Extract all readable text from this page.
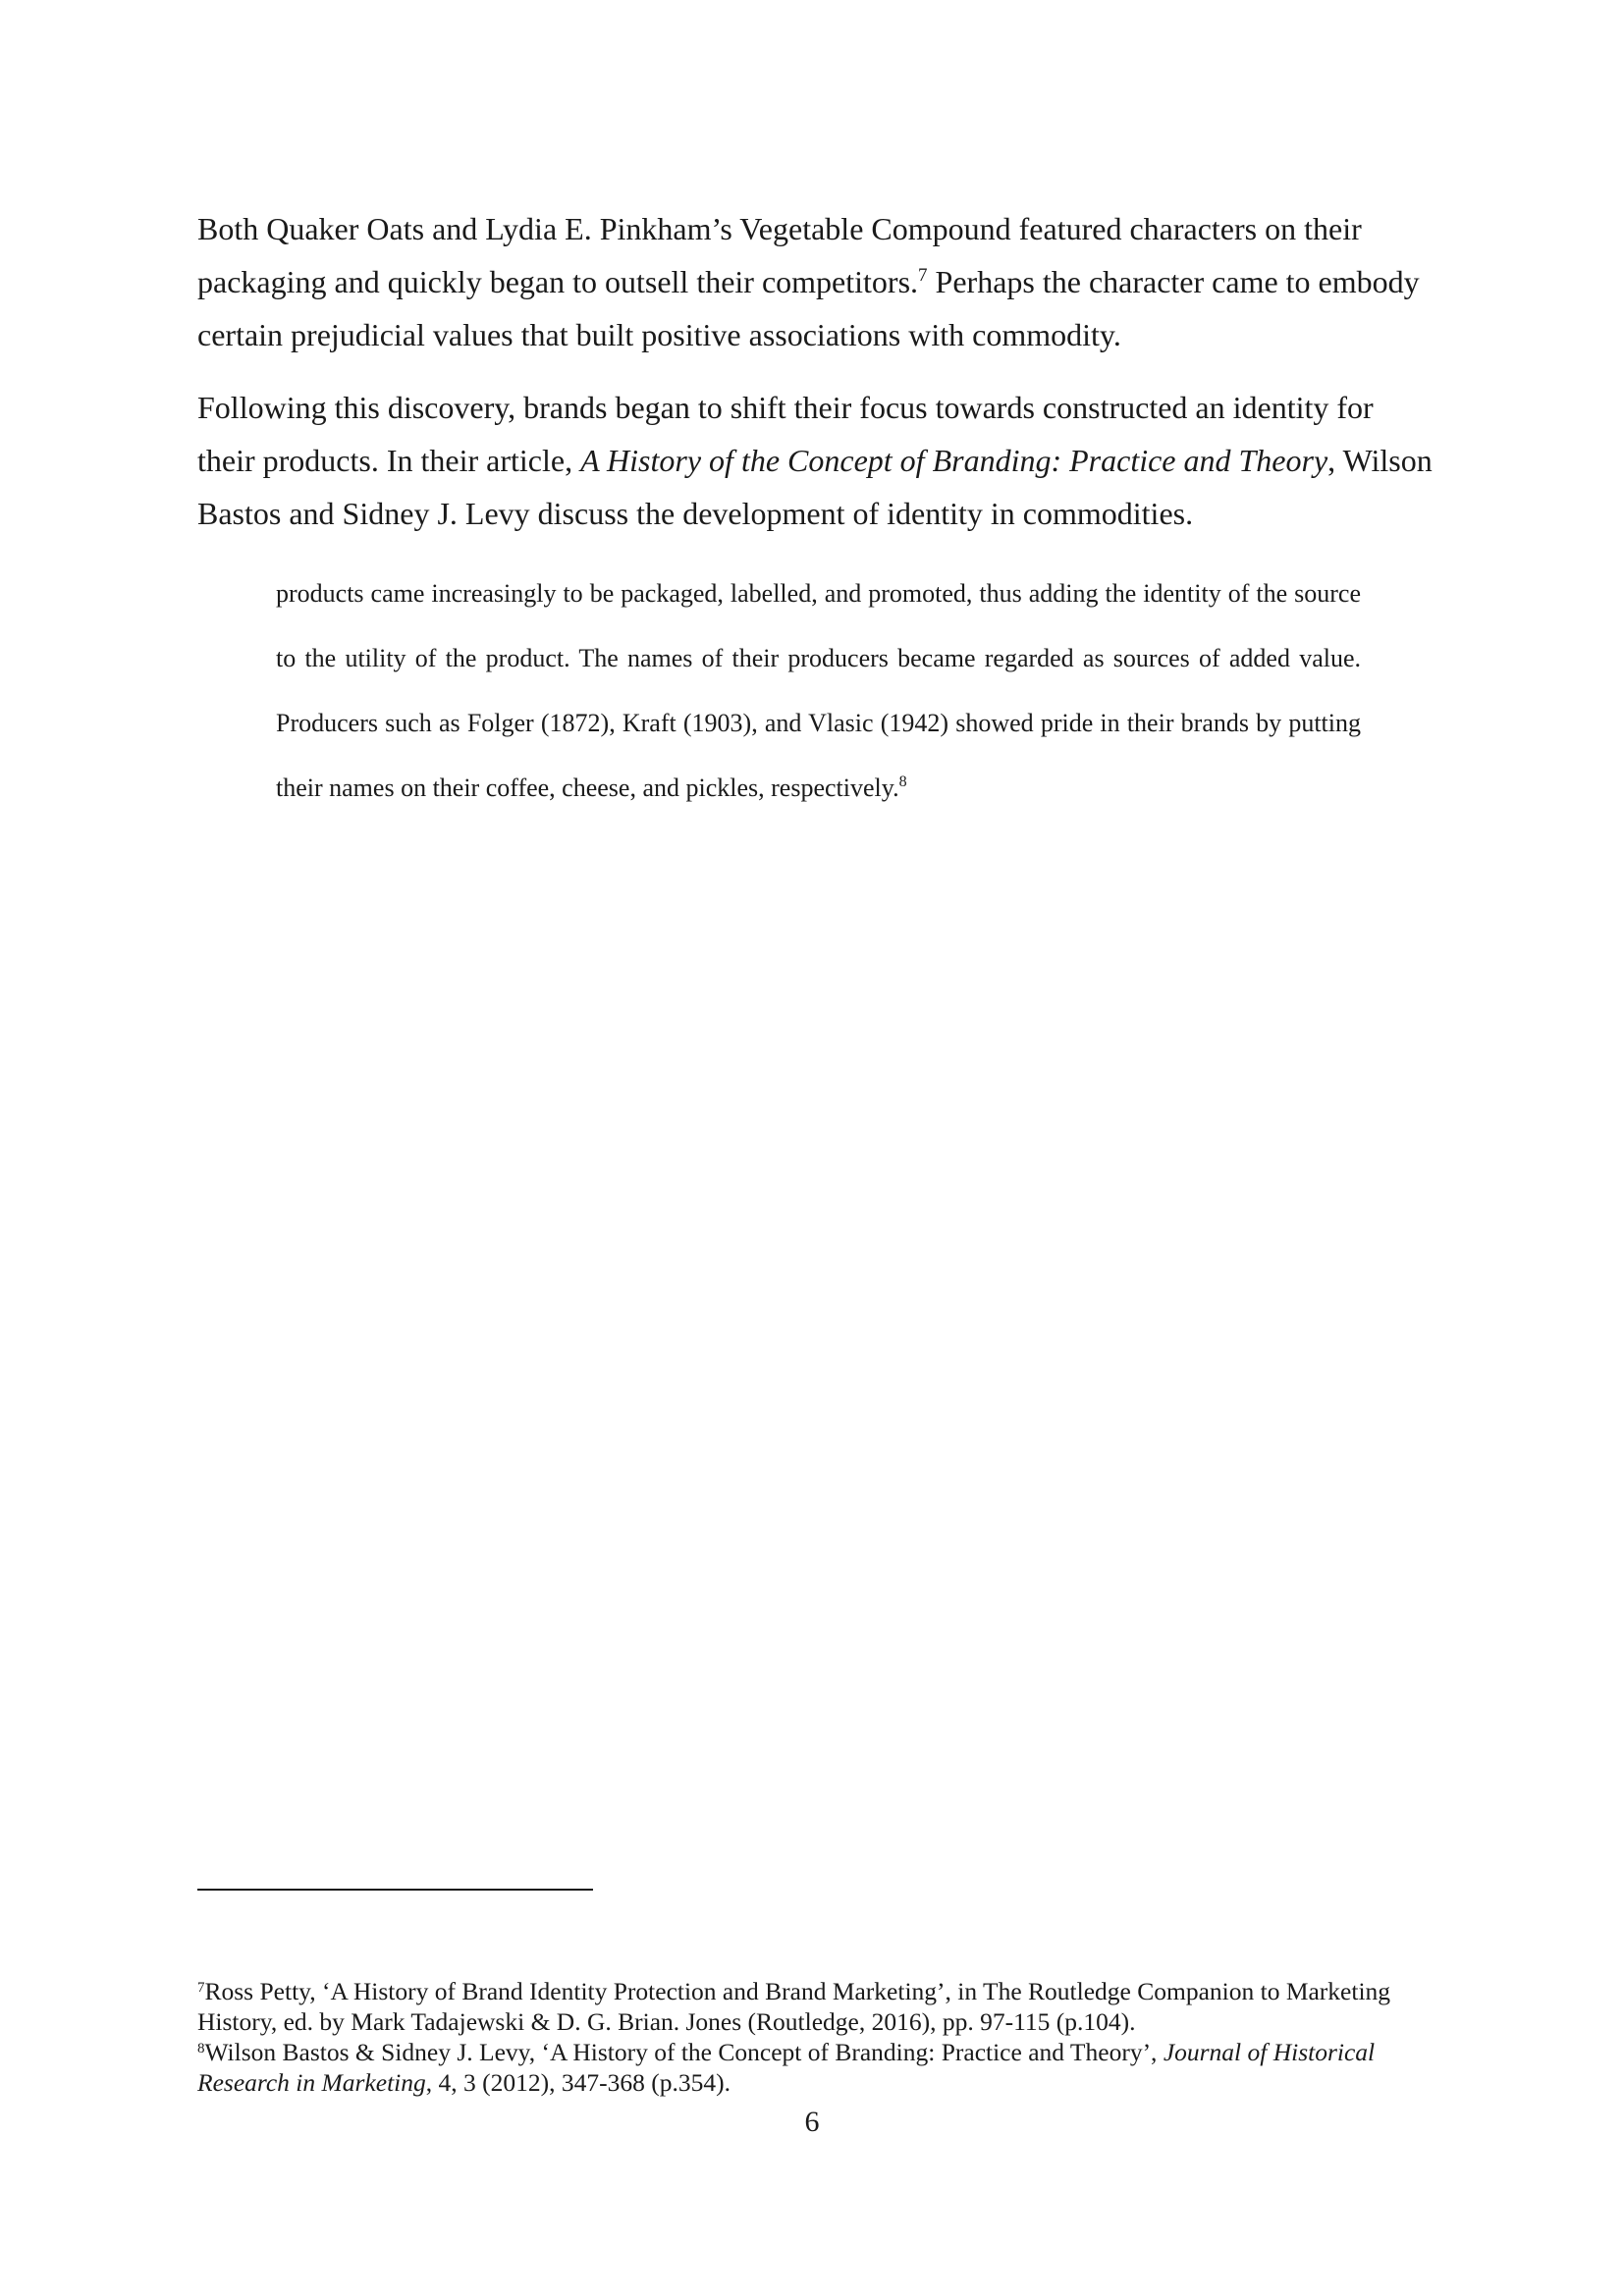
Both Quaker Oats and Lydia E. Pinkham’s Vegetable Compound featured characters on their packaging and quickly began to outsell their competitors.$^7$ Perhaps the character came to embody certain prejudicial values that built positive associations with commodity.

Following this discovery, brands began to shift their focus towards constructed an identity for their products. In their article, A History of the Concept of Branding: Practice and Theory, Wilson Bastos and Sidney J. Levy discuss the development of identity in commodities.

products came increasingly to be packaged, labelled, and promoted, thus adding the identity of the source to the utility of the product. The names of their producers became regarded as sources of added value. Producers such as Folger (1872), Kraft (1903), and Vlasic (1942) showed pride in their brands by putting their names on their coffee, cheese, and pickles, respectively.$^8$

$^7$Ross Petty, ‘A History of Brand Identity Protection and Brand Marketing’, in The Routledge Companion to Marketing History, ed. by Mark Tadajewski & D. G. Brian. Jones (Routledge, 2016), pp. 97-115 (p.104).

$^8$Wilson Bastos & Sidney J. Levy, ‘A History of the Concept of Branding: Practice and Theory’, Journal of Historical Research in Marketing, 4, 3 (2012), 347-368 (p.354).

6
